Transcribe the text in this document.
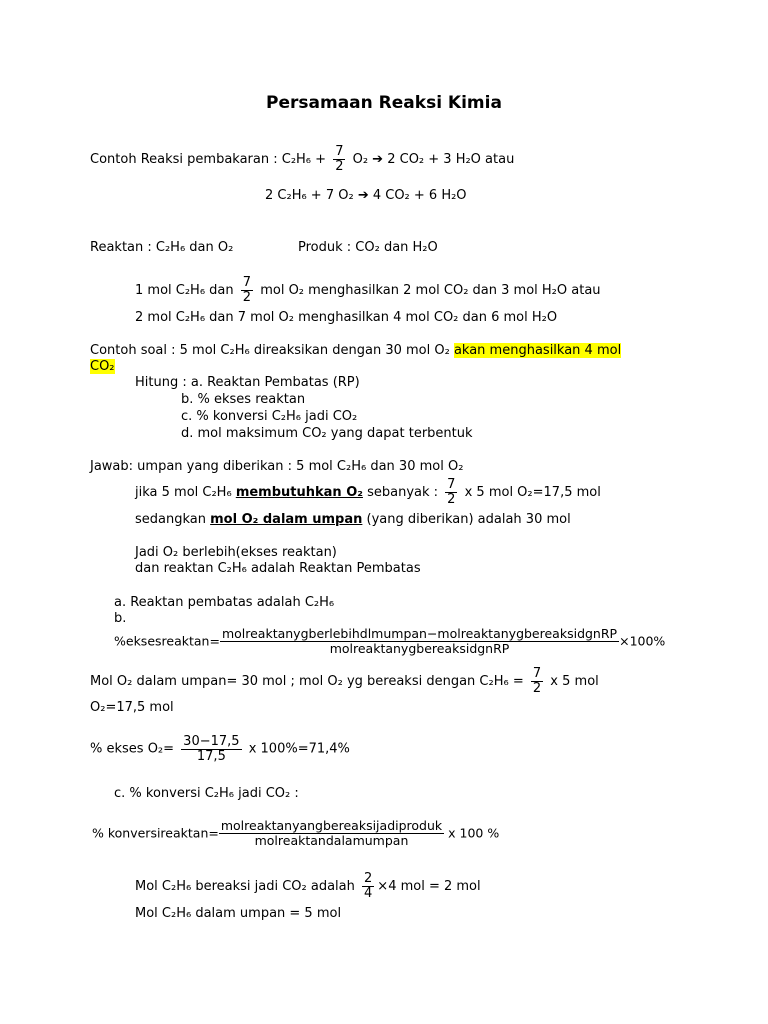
Persamaan Reaksi Kimia
Contoh Reaksi pembakaran : $C_2H_6 + \frac{7}{2} O_2$ ➔ 2 CO₂ + 3 H₂O atau
2 C₂H₆ + 7 O₂ ➔ 4 CO₂ + 6 H₂O
Reaktan : C₂H₆ dan O₂	Produk : CO₂ dan H₂O
1 mol C₂H₆ dan $\frac{7}{2}$ mol O₂ menghasilkan 2 mol CO₂ dan 3 mol H₂O atau
2 mol C₂H₆ dan 7 mol O₂ menghasilkan 4 mol CO₂ dan 6 mol H₂O
Contoh soal : 5 mol C₂H₆ direaksikan dengan 30 mol O₂ akan menghasilkan 4 mol
CO₂
Hitung : a. Reaktan Pembatas (RP)
b. % ekses reaktan
c. % konversi C₂H₆ jadi CO₂
d. mol maksimum CO₂ yang dapat terbentuk
Jawab: umpan yang diberikan : 5 mol C₂H₆ dan 30 mol O₂
jika 5 mol C₂H₆ membutuhkan O₂ sebanyak : $\frac{7}{2}$ x 5 mol O₂=17,5 mol
sedangkan mol O₂ dalam umpan (yang diberikan) adalah 30 mol
Jadi O₂ berlebih(ekses reaktan)
dan reaktan C₂H₆ adalah Reaktan Pembatas
a. Reaktan pembatas adalah C₂H₆
b.
%eksesreaktan= $\frac{\text{molreaktanygberlebihdlmumpan−molreaktanygbereaksidgnRP}}{\text{molreaktanygbereaksidgnRP}} \times 100\%$
Mol O₂ dalam umpan= 30 mol ; mol O₂ yg bereaksi dengan $C_2H_6 = \frac{7}{2}$ x 5 mol
O₂=17,5 mol
% ekses $O_2= \frac{30-17,5}{17,5}$ x 100%=71,4%
c. % konversi C₂H₆ jadi CO₂ :
% konversireaktan= $\frac{\text{molreaktanyangbereaksijadiproduk}}{\text{molreaktandalamumpan}}$ x 100 %
Mol C₂H₆ bereaksi jadi CO₂ adalah $\frac{2}{4} \times 4$ mol = 2 mol
Mol C₂H₆ dalam umpan = 5 mol
